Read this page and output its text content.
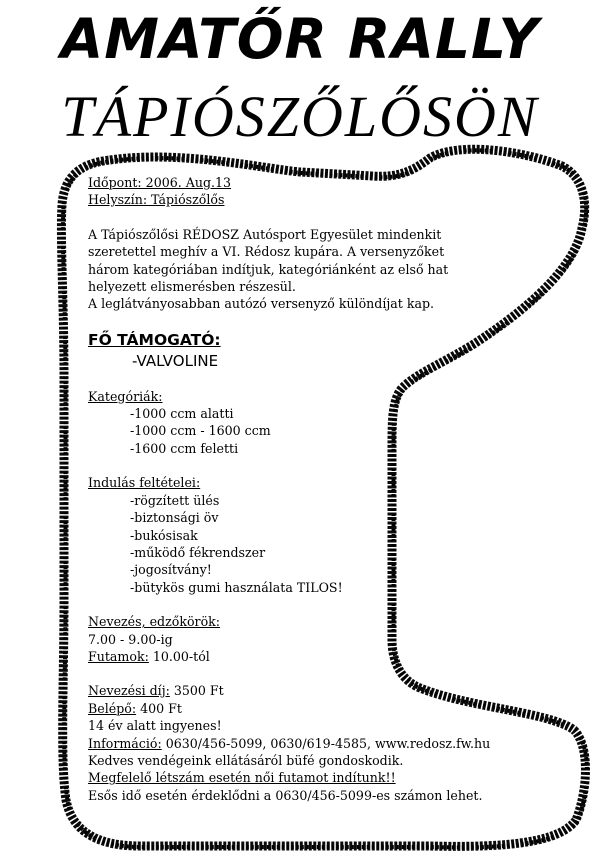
AMATŐR RALLY
TÁPIÓSZŐLŐSÖN
Időpont: 2006. Aug.13
Helyszín: Tápiószőlős
A Tápiószőlősi RÉDOSZ Autósport Egyesület mindenkit
szeretettel meghív a VI. Rédosz kupára. A versenyzőket
három kategóriában indítjuk, kategóriánként az első hat
helyezett elismerésben részesül.
A leglátványosabban autózó versenyző különdíjat kap.
FŐ TÁMOGATÓ:
-VALVOLINE
Kategóriák:
-1000 ccm alatti
-1000 ccm - 1600 ccm
-1600 ccm feletti
Indulás feltételei:
-rögzített ülés
-biztonsági öv
-bukósisak
-működő fékrendszer
-jogosítvány!
-bütykös gumi használata TILOS!
Nevezés, edzőkörök:
7.00 - 9.00-ig
Futamok: 10.00-tól
Nevezési díj: 3500 Ft
Belépő: 400 Ft
14 év alatt ingyenes!
Információ: 0630/456-5099, 0630/619-4585, www.redosz.fw.hu
Kedves vendégeink ellátásáról büfé gondoskodik.
Megfelelő létszám esetén női futamot indítunk!!
Esős idő esetén érdeklődni a 0630/456-5099-es számon lehet.
